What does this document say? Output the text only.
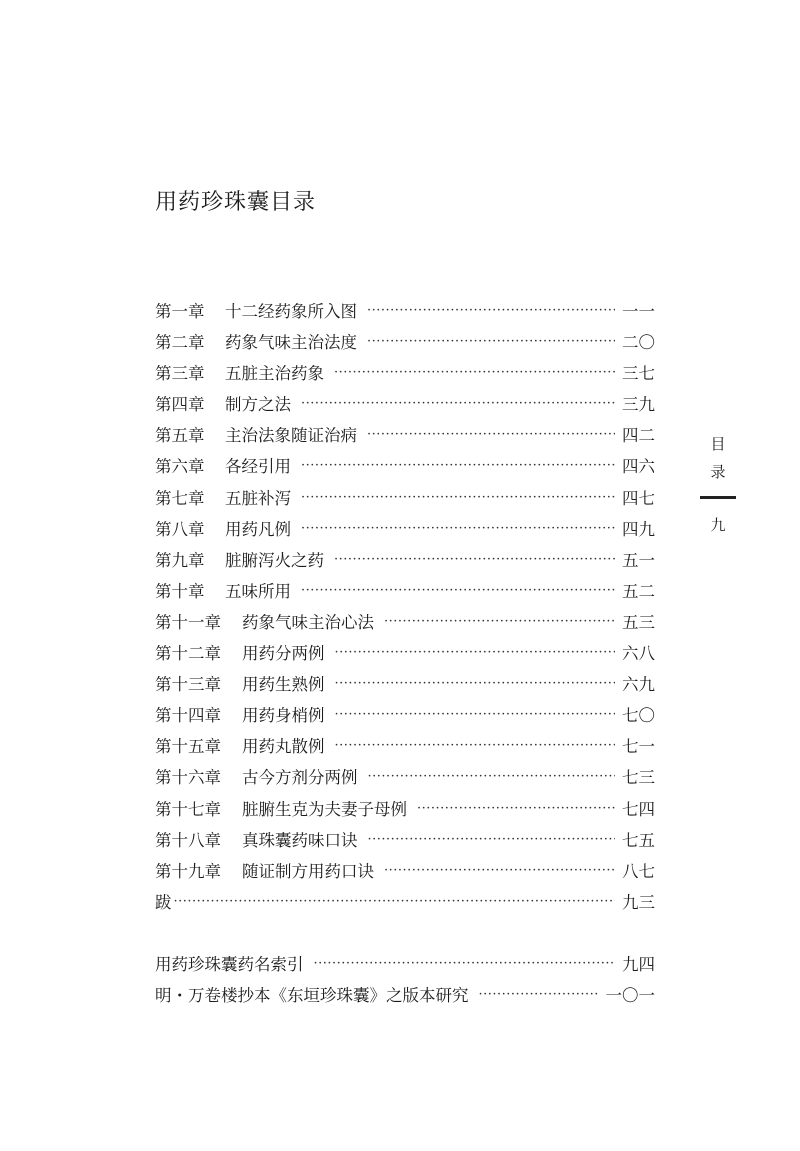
用药珍珠囊目录
第一章	十二经药象所入图 ·····	一一
第二章	药象气味主治法度 ·····	二〇
第三章	五脏主治药象 ·····	三七
第四章	制方之法 ·····	三九
第五章	主治法象随证治病 ·····	四二
第六章	各经引用 ·····	四六
第七章	五脏补泻 ·····	四七
第八章	用药凡例 ·····	四九
第九章	脏腑泻火之药 ·····	五一
第十章	五味所用 ·····	五二
第十一章	药象气味主治心法 ·····	五三
第十二章	用药分两例 ·····	六八
第十三章	用药生熟例 ·····	六九
第十四章	用药身梢例 ·····	七〇
第十五章	用药丸散例 ·····	七一
第十六章	古今方剂分两例 ·····	七三
第十七章	脏腑生克为夫妻子母例 ·····	七四
第十八章	真珠囊药味口诀 ·····	七五
第十九章	随证制方用药口诀 ·····	八七
跋 ·····	九三
用药珍珠囊药名索引 ·····	九四
明・万卷楼抄本《东垣珍珠囊》之版本研究 ·····	一〇一
目
录
九
